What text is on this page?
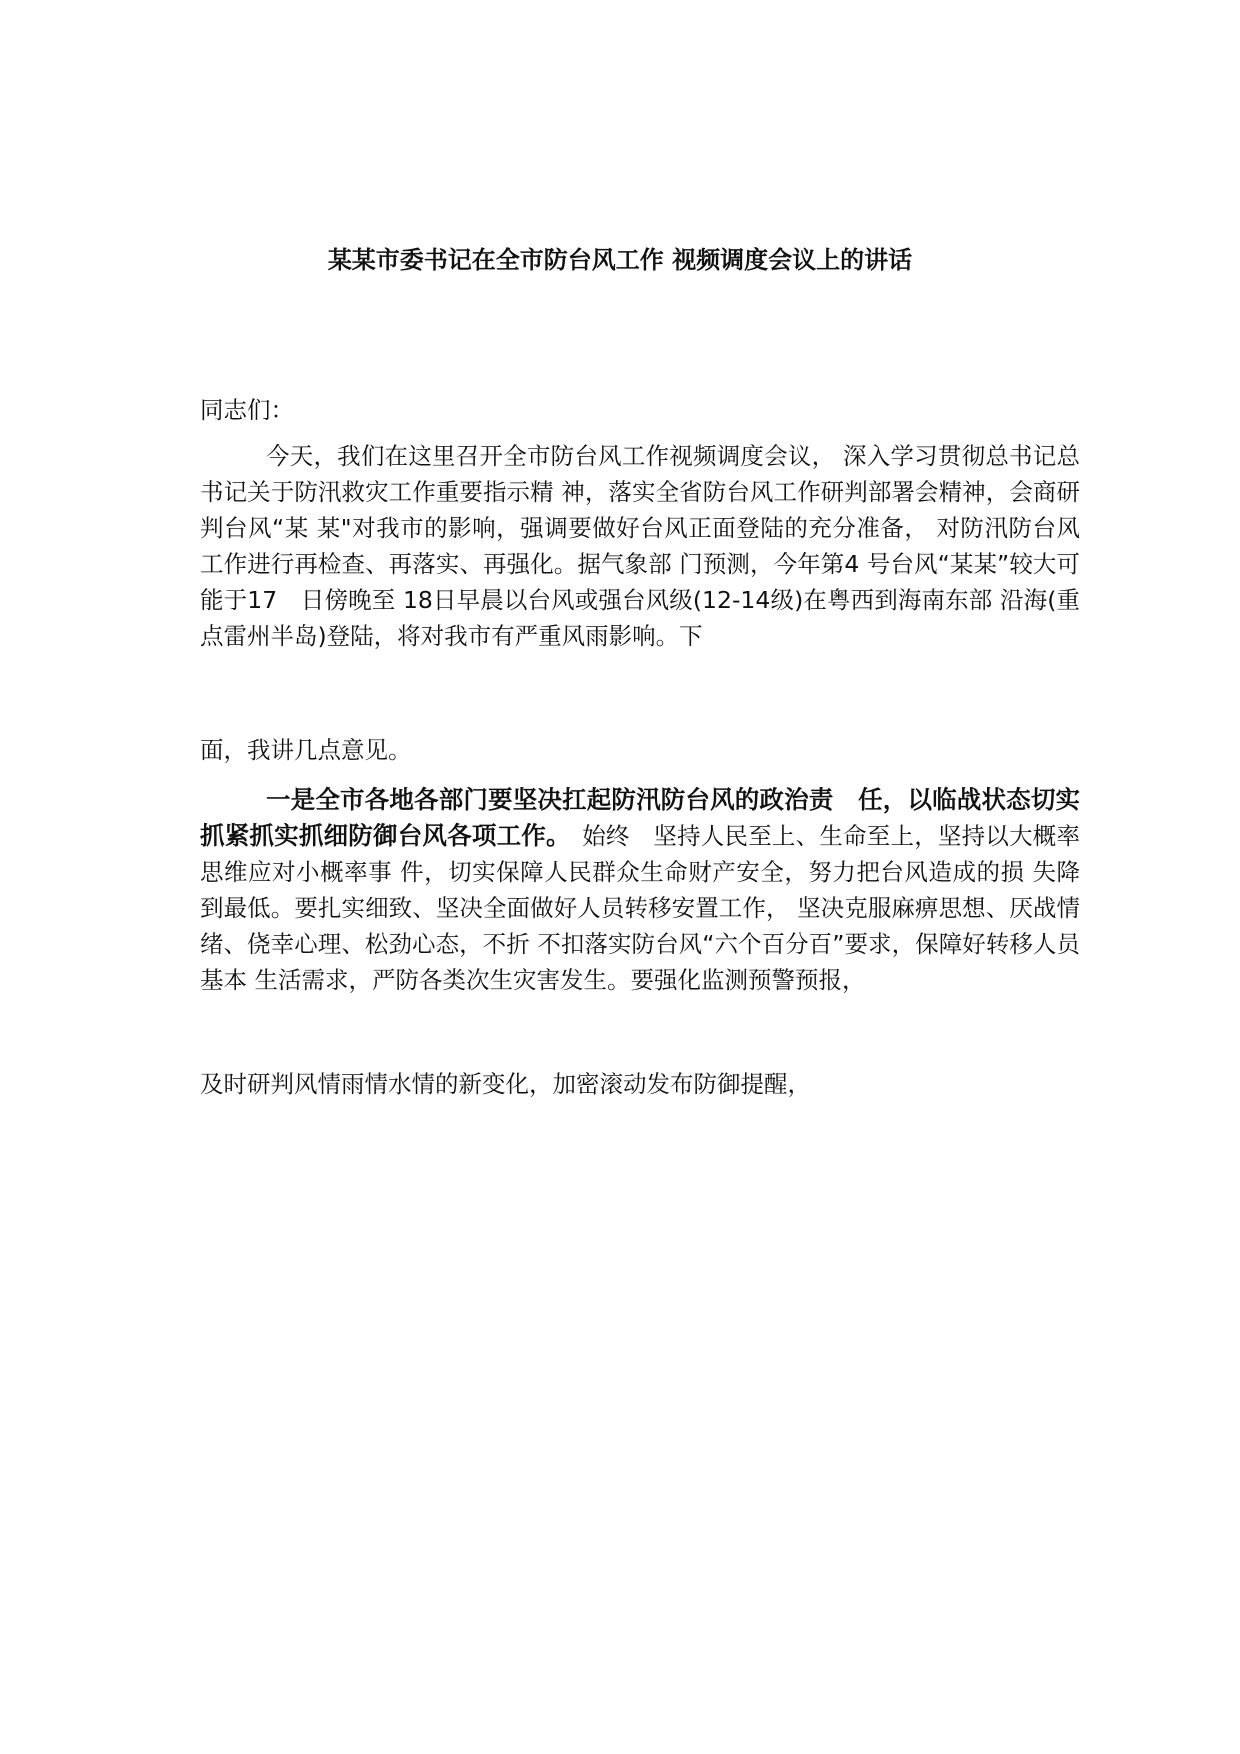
某某市委书记在全市防台风工作 视频调度会议上的讲话

同志们：

今天，我们在这里召开全市防台风工作视频调度会议， 深入学习贯彻总书记总书记关于防汛救灾工作重要指示精 神，落实全省防台风工作研判部署会精神，会商研判台风“某 某"对我市的影响，强调要做好台风正面登陆的充分准备， 对防汛防台风工作进行再检查、再落实、再强化。据气象部 门预测，今年第4 号台风“某某”较大可能于17　日傍晚至 18日早晨以台风或强台风级(12-14级)在粤西到海南东部 沿海(重点雷州半岛)登陆，将对我市有严重风雨影响。下

面，我讲几点意见。

一是全市各地各部门要坚决扛起防汛防台风的政治责　任，以临战状态切实抓紧抓实抓细防御台风各项工作。　始终　坚持人民至上、生命至上，坚持以大概率思维应对小概率事 件，切实保障人民群众生命财产安全，努力把台风造成的损 失降到最低。要扎实细致、坚决全面做好人员转移安置工作， 坚决克服麻痹思想、厌战情绪、侥幸心理、松劲心态，不折 不扣落实防台风“六个百分百”要求，保障好转移人员基本 生活需求，严防各类次生灾害发生。要强化监测预警预报，

及时研判风情雨情水情的新变化，加密滚动发布防御提醒，
